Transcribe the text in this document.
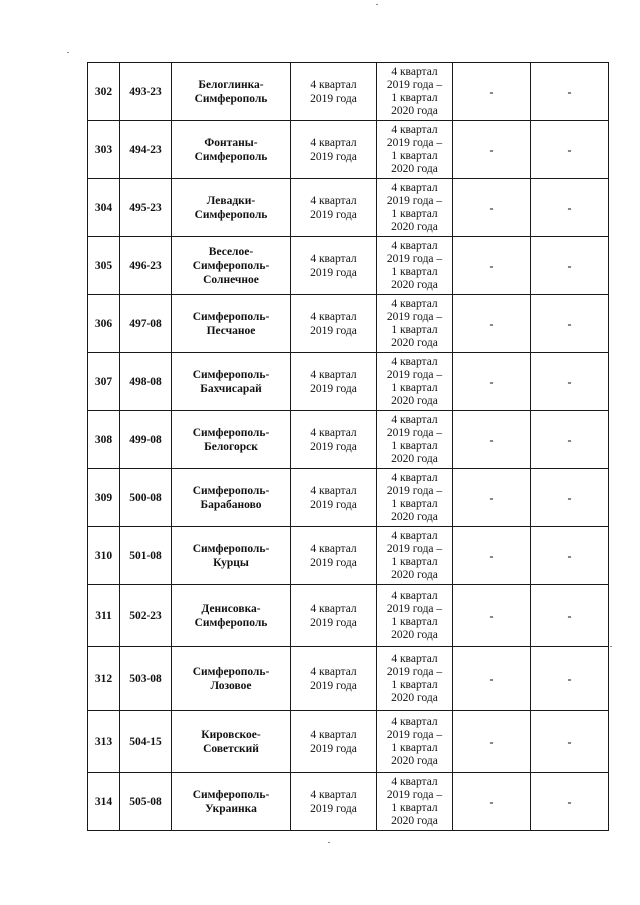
302	493-23	Белоглинка-
Симферополь	4 квартал
2019 года	4 квартал
2019 года –
1 квартал
2020 года	-	-
303	494-23	Фонтаны-
Симферополь	4 квартал
2019 года	4 квартал
2019 года –
1 квартал
2020 года	-	-
304	495-23	Левадки-
Симферополь	4 квартал
2019 года	4 квартал
2019 года –
1 квартал
2020 года	-	-
305	496-23	Веселое-
Симферополь-
Солнечное	4 квартал
2019 года	4 квартал
2019 года –
1 квартал
2020 года	-	-
306	497-08	Симферополь-
Песчаное	4 квартал
2019 года	4 квартал
2019 года –
1 квартал
2020 года	-	-
307	498-08	Симферополь-
Бахчисарай	4 квартал
2019 года	4 квартал
2019 года –
1 квартал
2020 года	-	-
308	499-08	Симферополь-
Белогорск	4 квартал
2019 года	4 квартал
2019 года –
1 квартал
2020 года	-	-
309	500-08	Симферополь-
Барабаново	4 квартал
2019 года	4 квартал
2019 года –
1 квартал
2020 года	-	-
310	501-08	Симферополь-
Курцы	4 квартал
2019 года	4 квартал
2019 года –
1 квартал
2020 года	-	-
311	502-23	Денисовка-
Симферополь	4 квартал
2019 года	4 квартал
2019 года –
1 квартал
2020 года	-	-
312	503-08	Симферополь-
Лозовое	4 квартал
2019 года	4 квартал
2019 года –
1 квартал
2020 года	-	-
313	504-15	Кировское-
Советский	4 квартал
2019 года	4 квартал
2019 года –
1 квартал
2020 года	-	-
314	505-08	Симферополь-
Украинка	4 квартал
2019 года	4 квартал
2019 года –
1 квартал
2020 года	-	-
